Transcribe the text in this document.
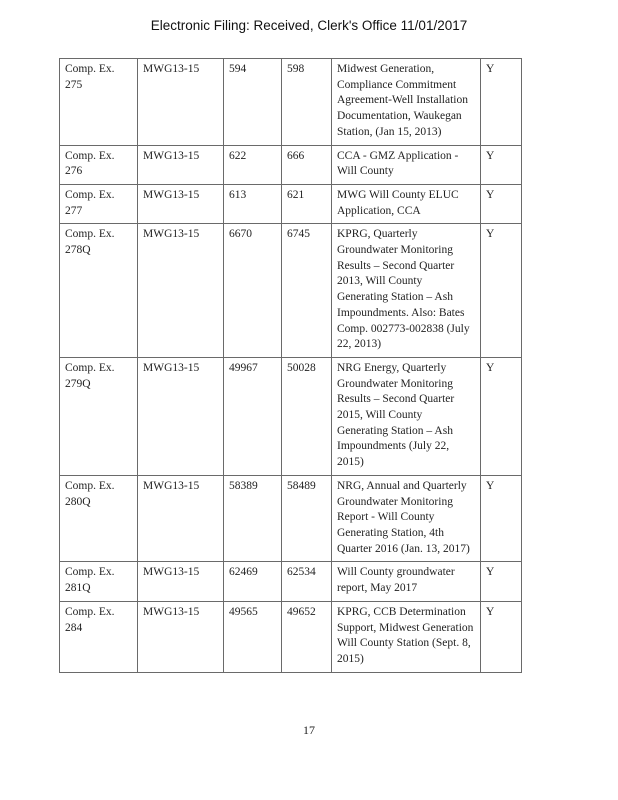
Electronic Filing: Received, Clerk's Office 11/01/2017
Comp. Ex. 275	MWG13-15	594	598	Midwest Generation, Compliance Commitment Agreement-Well Installation Documentation, Waukegan Station, (Jan 15, 2013)	Y
Comp. Ex. 276	MWG13-15	622	666	CCA - GMZ Application - Will County	Y
Comp. Ex. 277	MWG13-15	613	621	MWG Will County ELUC Application, CCA	Y
Comp. Ex. 278Q	MWG13-15	6670	6745	KPRG, Quarterly Groundwater Monitoring Results – Second Quarter 2013, Will County Generating Station – Ash Impoundments. Also: Bates Comp. 002773-002838 (July 22, 2013)	Y
Comp. Ex. 279Q	MWG13-15	49967	50028	NRG Energy, Quarterly Groundwater Monitoring Results – Second Quarter 2015, Will County Generating Station – Ash Impoundments (July 22, 2015)	Y
Comp. Ex. 280Q	MWG13-15	58389	58489	NRG, Annual and Quarterly Groundwater Monitoring Report - Will County Generating Station, 4th Quarter 2016 (Jan. 13, 2017)	Y
Comp. Ex. 281Q	MWG13-15	62469	62534	Will County groundwater report, May 2017	Y
Comp. Ex. 284	MWG13-15	49565	49652	KPRG, CCB Determination Support, Midwest Generation Will County Station (Sept. 8, 2015)	Y
17
